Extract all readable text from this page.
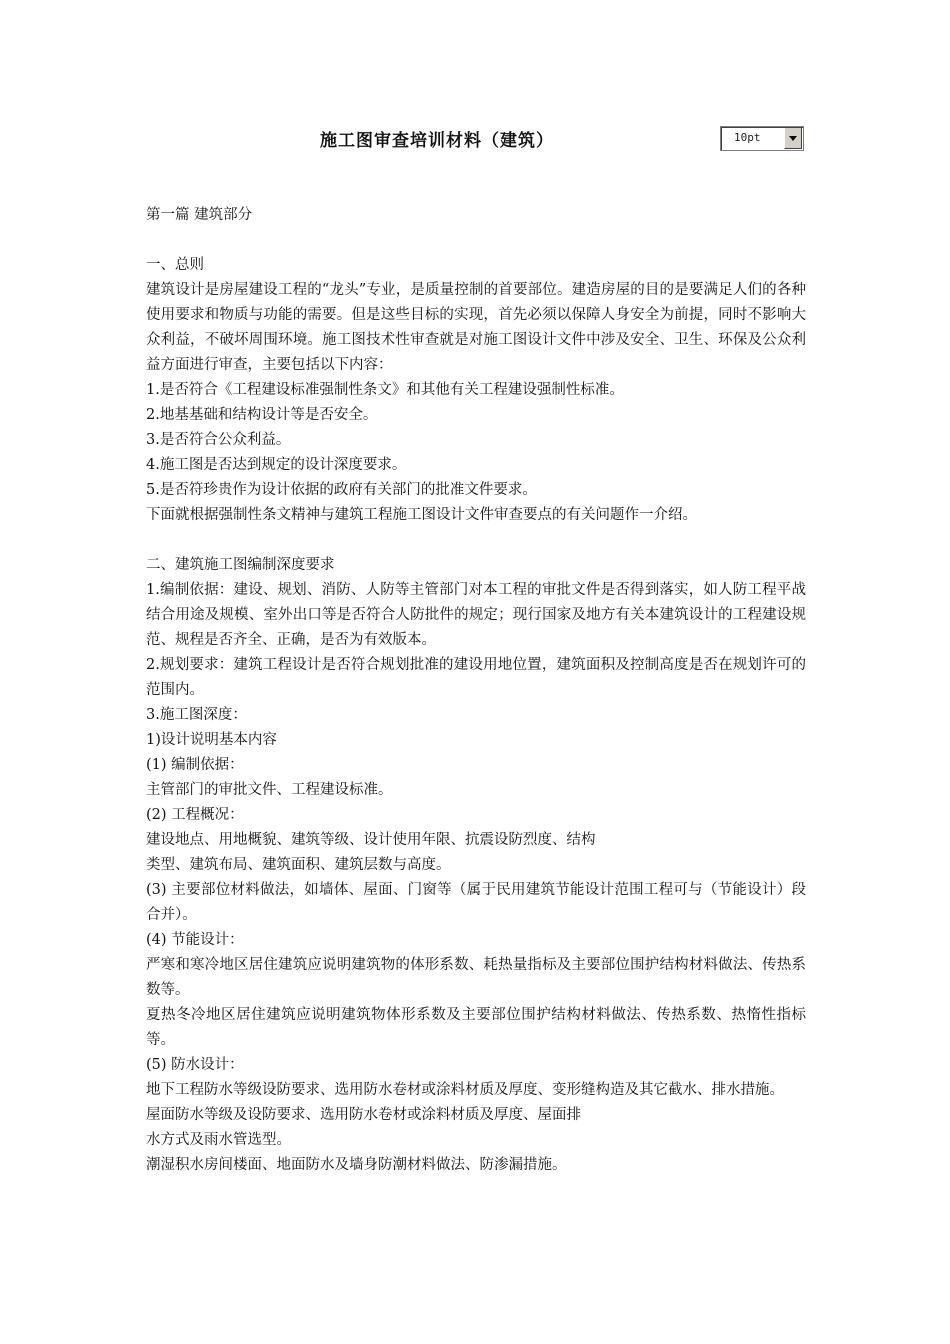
施工图审查培训材料（建筑）	10pt

第一篇 建筑部分

一、总则

建筑设计是房屋建设工程的“龙头”专业，是质量控制的首要部位。建造房屋的目的是要满足人们的各种使用要求和物质与功能的需要。但是这些目标的实现，首先必须以保障人身安全为前提，同时不影响大众利益，不破坏周围环境。施工图技术性审查就是对施工图设计文件中涉及安全、卫生、环保及公众利益方面进行审查，主要包括以下内容：

1.是否符合《工程建设标准强制性条文》和其他有关工程建设强制性标准。

2.地基基础和结构设计等是否安全。

3.是否符合公众利益。

4.施工图是否达到规定的设计深度要求。

5.是否符珍贵作为设计依据的政府有关部门的批准文件要求。

下面就根据强制性条文精神与建筑工程施工图设计文件审查要点的有关问题作一介绍。

二、建筑施工图编制深度要求

1.编制依据：建设、规划、消防、人防等主管部门对本工程的审批文件是否得到落实，如人防工程平战结合用途及规模、室外出口等是否符合人防批件的规定；现行国家及地方有关本建筑设计的工程建设规范、规程是否齐全、正确，是否为有效版本。

2.规划要求：建筑工程设计是否符合规划批准的建设用地位置，建筑面积及控制高度是否在规划许可的范围内。

3.施工图深度：

1)设计说明基本内容

(1) 编制依据：

主管部门的审批文件、工程建设标准。

(2) 工程概况：

建设地点、用地概貌、建筑等级、设计使用年限、抗震设防烈度、结构

类型、建筑布局、建筑面积、建筑层数与高度。

(3) 主要部位材料做法，如墙体、屋面、门窗等（属于民用建筑节能设计范围工程可与（节能设计）段合并）。

(4) 节能设计：

严寒和寒冷地区居住建筑应说明建筑物的体形系数、耗热量指标及主要部位围护结构材料做法、传热系数等。

夏热冬冷地区居住建筑应说明建筑物体形系数及主要部位围护结构材料做法、传热系数、热惰性指标等。

(5) 防水设计：

地下工程防水等级设防要求、选用防水卷材或涂料材质及厚度、变形缝构造及其它截水、排水措施。

屋面防水等级及设防要求、选用防水卷材或涂料材质及厚度、屋面排

水方式及雨水管选型。

潮湿积水房间楼面、地面防水及墙身防潮材料做法、防渗漏措施。
